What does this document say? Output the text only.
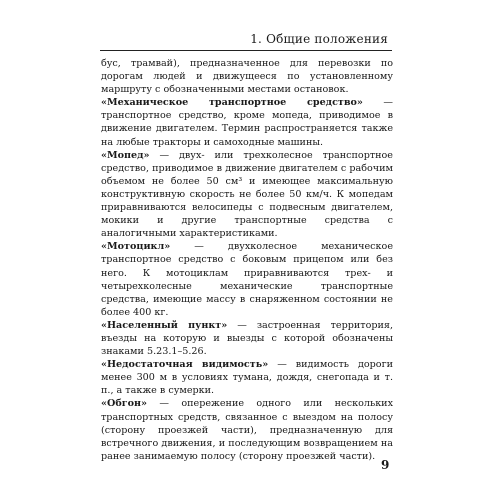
1. Общие положения

бус, трамвай), предназначенное для перевозки по дорогам людей и движущееся по установленному маршруту с обозначенными местами остановок.

«Механическое транспортное средство» — транспортное средство, кроме мопеда, приводимое в движение двигателем. Термин распространяется также на любые тракторы и самоходные машины.

«Мопед» — двух- или трехколесное транспортное средство, приводимое в движение двигателем с рабочим объемом не более 50 см³ и имеющее максимальную конструктивную скорость не более 50 км/ч. К мопедам приравниваются велосипеды с подвесным двигателем, мокики и другие транспортные средства с аналогичными характеристиками.

«Мотоцикл» — двухколесное механическое транспортное средство с боковым прицепом или без него. К мотоциклам приравниваются трех- и четырехколесные механические транспортные средства, имеющие массу в снаряженном состоянии не более 400 кг.

«Населенный пункт» — застроенная территория, въезды на которую и выезды с которой обозначены знаками 5.23.1–5.26.

«Недостаточная видимость» — видимость дороги менее 300 м в условиях тумана, дождя, снегопада и т. п., а также в сумерки.

«Обгон» — опережение одного или нескольких транспортных средств, связанное с выездом на полосу (сторону проезжей части), предназначенную для встречного движения, и последующим возвращением на ранее занимаемую полосу (сторону проезжей части).

9
